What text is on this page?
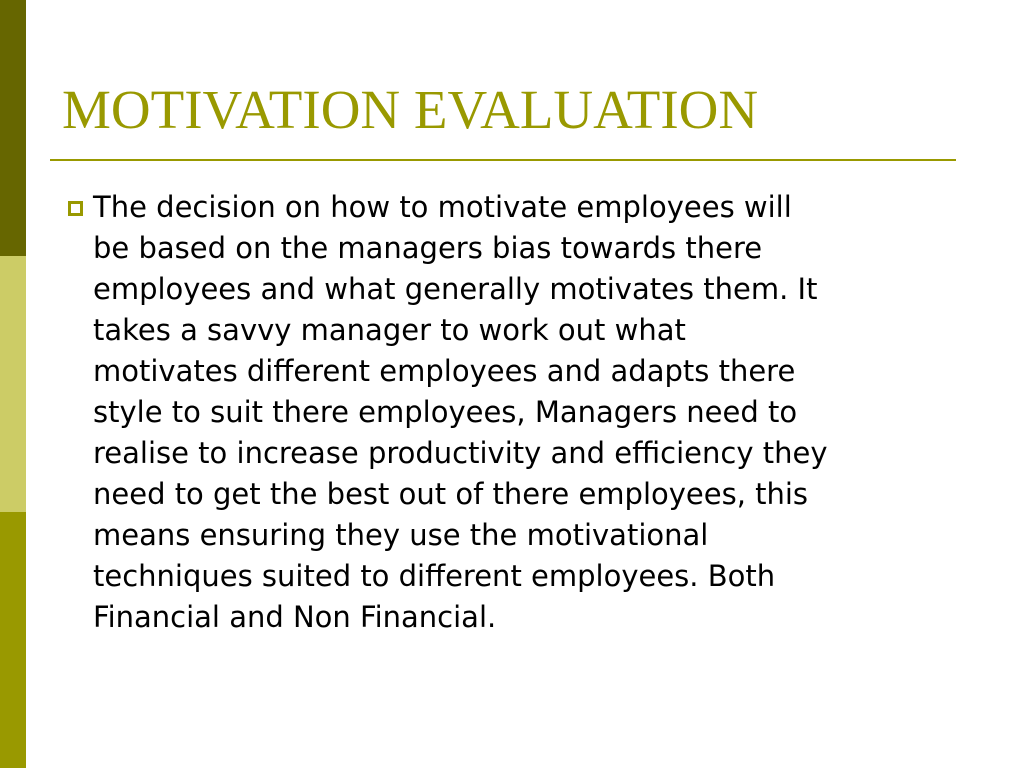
MOTIVATION EVALUATION

The decision on how to motivate employees will
be based on the managers bias towards there
employees and what generally motivates them. It
takes a savvy manager to work out what
motivates different employees and adapts there
style to suit there employees, Managers need to
realise to increase productivity and efficiency they
need to get the best out of there employees, this
means ensuring they use the motivational
techniques suited to different employees. Both
Financial and Non Financial.
